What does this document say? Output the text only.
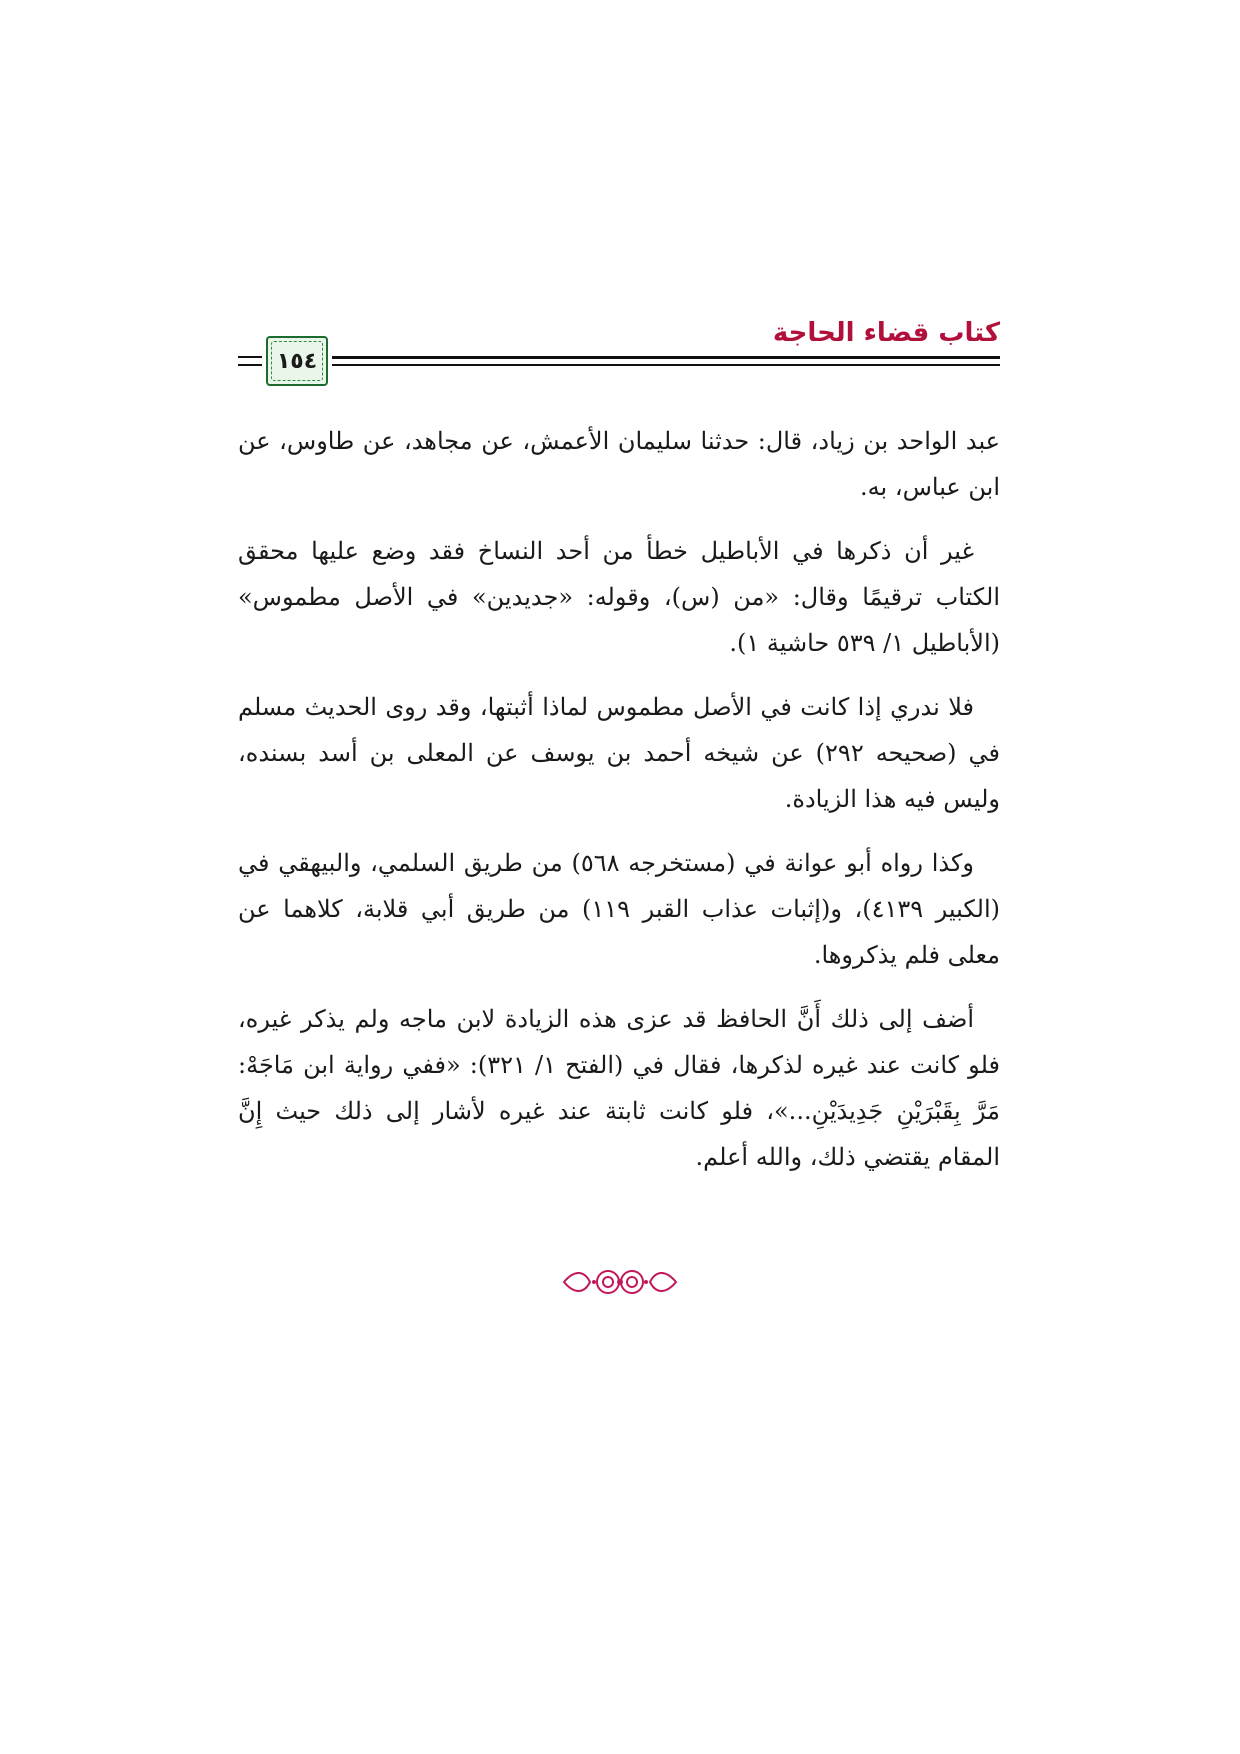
كتاب قضاء الحاجة
١٥٤

عبد الواحد بن زياد، قال: حدثنا سليمان الأعمش، عن مجاهد، عن طاوس، عن ابن عباس، به.

غير أن ذكرها في الأباطيل خطأ من أحد النساخ فقد وضع عليها محقق الكتاب ترقيمًا وقال: «من (س)، وقوله: «جديدين» في الأصل مطموس» (الأباطيل ١/ ٥٣٩ حاشية ١).

فلا ندري إذا كانت في الأصل مطموس لماذا أثبتها، وقد روى الحديث مسلم في (صحيحه ٢٩٢) عن شيخه أحمد بن يوسف عن المعلى بن أسد بسنده، وليس فيه هذا الزيادة.

وكذا رواه أبو عوانة في (مستخرجه ٥٦٨) من طريق السلمي، والبيهقي في (الكبير ٤١٣٩)، و(إثبات عذاب القبر ١١٩) من طريق أبي قلابة، كلاهما عن معلى فلم يذكروها.

أضف إلى ذلك أَنَّ الحافظ قد عزى هذه الزيادة لابن ماجه ولم يذكر غيره، فلو كانت عند غيره لذكرها، فقال في (الفتح ١/ ٣٢١): «ففي رواية ابن مَاجَهْ: مَرَّ بِقَبْرَيْنِ جَدِيدَيْنِ...»، فلو كانت ثابتة عند غيره لأشار إلى ذلك حيث إِنَّ المقام يقتضي ذلك، والله أعلم.
